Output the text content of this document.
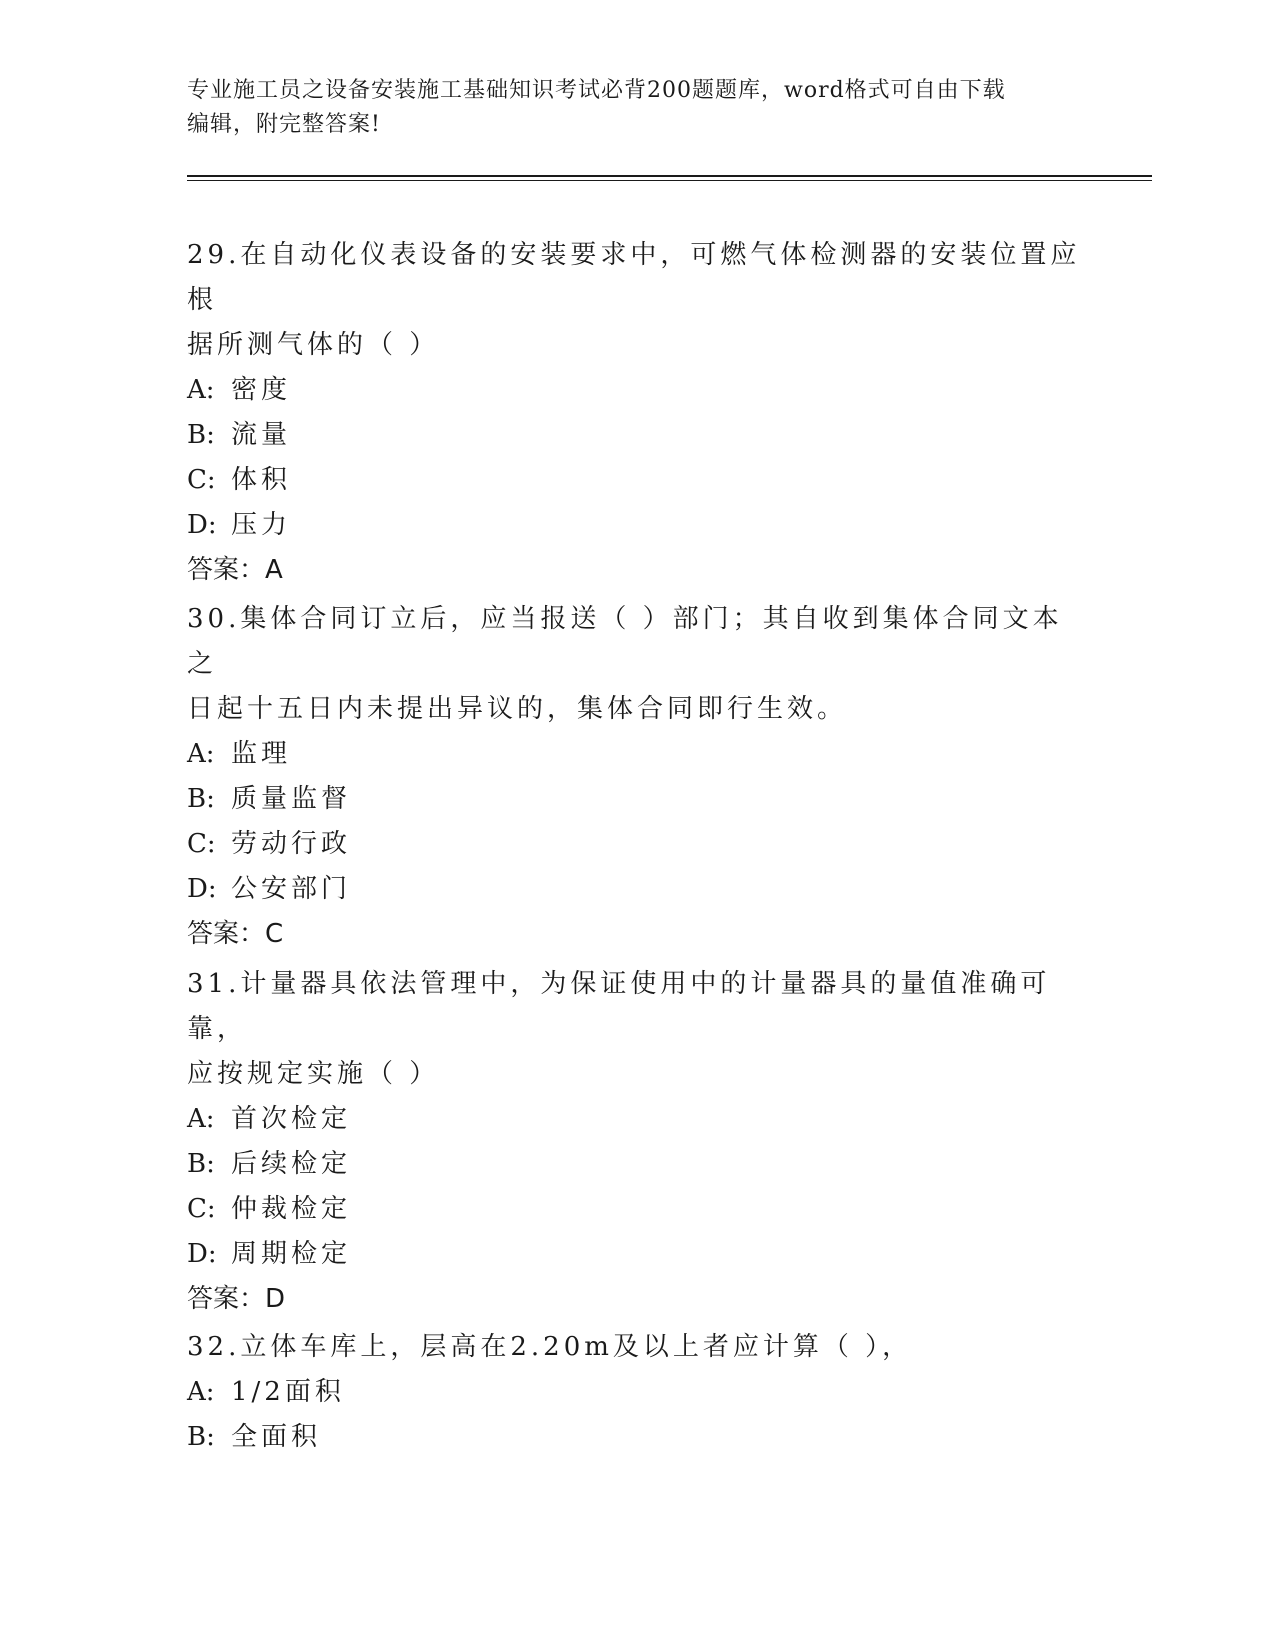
专业施工员之设备安装施工基础知识考试必背200题题库，word格式可自由下载
编辑，附完整答案!
29.在自动化仪表设备的安装要求中，可燃气体检测器的安装位置应根
据所测气体的（ ）
A: 密度
B: 流量
C: 体积
D: 压力
答案：A
30.集体合同订立后，应当报送（ ）部门；其自收到集体合同文本之
日起十五日内未提出异议的，集体合同即行生效。
A: 监理
B: 质量监督
C: 劳动行政
D: 公安部门
答案：C
31.计量器具依法管理中，为保证使用中的计量器具的量值准确可靠，
应按规定实施（ ）
A: 首次检定
B: 后续检定
C: 仲裁检定
D: 周期检定
答案：D
32.立体车库上，层高在2.20m及以上者应计算（ ），
A: 1/2面积
B: 全面积
